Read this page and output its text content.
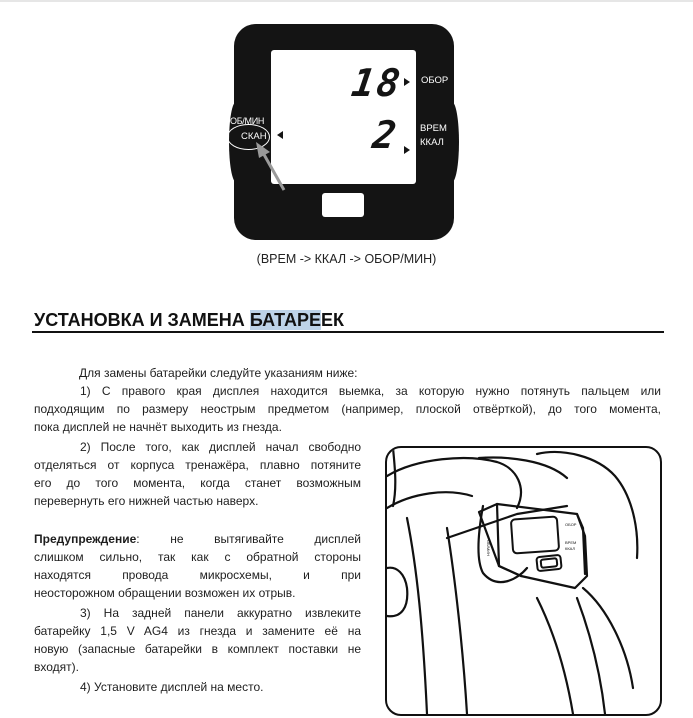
18
2
ОБОР
ВРЕМ
ККАЛ
ОБ/МИН
СКАН
(ВРЕМ -> ККАЛ -> ОБОР/МИН)
УСТАНОВКА И ЗАМЕНА БАТАРЕЕК
Для замены батарейки следуйте указаниям ниже:
1) С правого края дисплея находится выемка, за которую нужно потянуть пальцем или
подходящим по размеру неострым предметом (например, плоской отвёрткой), до того момента,
пока дисплей не начнёт выходить из гнезда.
2) После того, как дисплей начал свободно
отделяться от корпуса тренажёра, плавно потяните
его до того момента, когда станет возможным
перевернуть его нижней частью наверх.
Предупреждение: не вытягивайте дисплей
слишком сильно, так как с обратной стороны
находятся провода микросхемы, и при
неосторожном обращении возможен их отрыв.
3) На задней панели аккуратно извлеките
батарейку 1,5 V AG4 из гнезда и замените её на
новую (запасные батарейки в комплект поставки не
входят).
4) Установите дисплей на место.
ОБ/МИН
ОБОР
ВРЕМ
ККАЛ
